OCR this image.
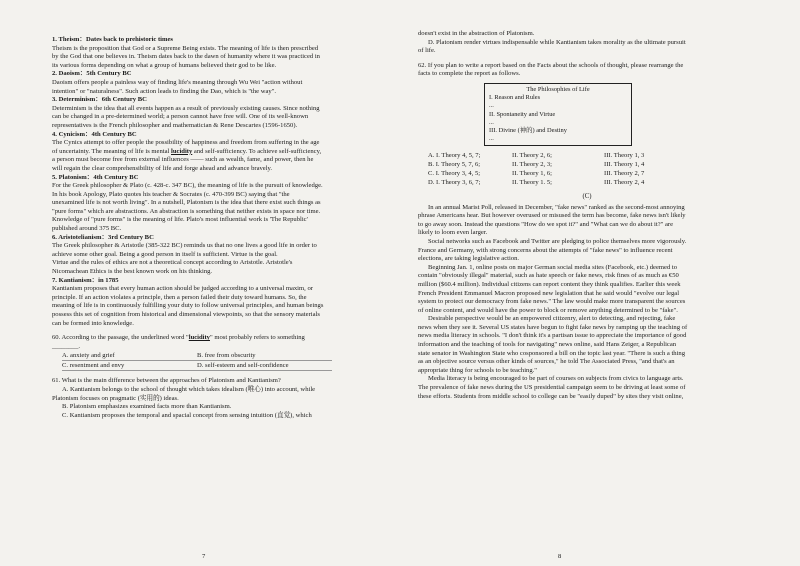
1. Theism：Dates back to prehistoric times

Theism is the proposition that God or a Supreme Being exists. The meaning of life is then prescribed

by the God that one believes in. Theism dates back to the dawn of humanity where it was practiced in

its various forms depending on what a group of humans believed their god to be like.

2. Daoism：5th Century BC

Daoism offers people a painless way of finding life's meaning through Wu Wei "action without

intention" or "naturalness". Such action leads to finding the Dao, which is "the way".

3. Determinism：6th Century BC

Determinism is the idea that all events happen as a result of previously existing causes. Since nothing

can be changed in a pre-determined world; a person cannot have free will. One of its well-known

representatives is the French philosopher and mathematician & Rene Descartes (1596-1650).

4. Cynicism：4th Century BC

The Cynics attempt to offer people the possibility of happiness and freedom from suffering in the age

of uncertainty. The meaning of life is mental lucidity and self-sufficiency. To achieve self-sufficiency,

a person must become free from external influences —— such as wealth, fame, and power, then he

will regain the clear comprehensibility of life and forge ahead and advance bravely.

5. Platonism：4th Century BC

For the Greek philosopher & Plato (c. 428-c. 347 BC), the meaning of life is the pursuit of knowledge.

In his book Apology, Plato quotes his teacher & Socrates (c. 470-399 BC) saying that "the

unexamined life is not worth living". In a nutshell, Platonism is the idea that there exist such things as

"pure forms" which are abstractions. An abstraction is something that neither exists in space nor time.

Knowledge of "pure forms" is the meaning of life. Plato's most influential work is 'The Republic'

published around 375 BC.

6. Aristotelianism：3rd Century BC

The Greek philosopher & Aristotle (385-322 BC) reminds us that no one lives a good life in order to

achieve some other goal. Being a good person in itself is sufficient. Virtue is the goal.

Virtue and the rules of ethics are not a theoretical concept according to Aristotle. Aristotle's

Nicomachean Ethics is the best known work on his thinking.

7. Kantianism：in 1785

Kantianism proposes that every human action should be judged according to a universal maxim, or

principle. If an action violates a principle, then a person failed their duty toward humans. So, the

meaning of life is in continuously fulfilling your duty to follow universal principles, and human beings

possess this set of cognition from historical and dimensional viewpoints, so that the sensory materials

can be formed into knowledge.

60. According to the passage, the underlined word "lucidity" most probably refers to something

________.

A. anxiety and grief	B. free from obscurity
C. resentment and envy	D. self-esteem and self-confidence

61. What is the main difference between the approaches of Platonism and Kantianism?

A. Kantianism belongs to the school of thought which takes idealism (唯心) into account, while

Platonism focuses on pragmatic (实用的) ideas.

B. Platonism emphasizes examined facts more than Kantianism.

C. Kantianism proposes the temporal and spacial concept from sensing intuition (直觉), which

7

doesn't exist in the abstraction of Platonism.

D. Platonism render virtues indispensable while Kantianism takes morality as the ultimate pursuit

of life.

62. If you plan to write a report based on the Facts about the schools of thought, please rearrange the

facts to complete the report as follows.

The Philosophies of Life
I. Reason and Rules
...
II. Spontaneity and Virtue
...
III. Divine (神的) and Destiny
...
A. I. Theory 4, 5, 7;	II. Theory 2, 6;	III. Theory 1, 3
B. I. Theory 5, 7, 6;	II. Theory 2, 3;	III. Theory 1, 4
C. I. Theory 3, 4, 5;	II. Theory 1, 6;	III. Theory 2, 7
D. I. Theory 3, 6, 7;	II. Theory 1. 5;	III. Theory 2, 4
(C)

In an annual Marist Poll, released in December, "fake news" ranked as the second-most annoying

phrase Americans hear. But however overused or misused the term has become, fake news isn't likely

to go away soon. Instead the questions "How do we spot it?" and "What can we do about it?" are

likely to loom even larger.

Social networks such as Facebook and Twitter are pledging to police themselves more vigorously.

France and Germany, with strong concerns about the attempts of "fake news" to influence recent

elections, are taking legislative action.

Beginning Jan. 1, online posts on major German social media sites (Facebook, etc.) deemed to

contain "obviously illegal" material, such as hate speech or fake news, risk fines of as much as €50

million ($60.4 million). Individual citizens can report content they think qualifies. Earlier this week

French President Emmanuel Macron proposed new legislation that he said would "evolve our legal

system to protect our democracy from fake news." The law would make more transparent the sources

of online content, and would have the power to block or remove anything determined to be "fake".

Desirable perspective would be an empowered citizenry, alert to detecting, and rejecting, fake

news when they see it. Several US states have begun to fight fake news by ramping up the teaching of

news media literacy in schools. "I don't think it's a partisan issue to appreciate the importance of good

information and the teaching of tools for navigating" news online, said Hans Zeiger, a Republican

state senator in Washington State who cosponsored a bill on the topic last year. "There is such a thing

as an objective source versus other kinds of sources," he told The Associated Press, "and that's an

appropriate thing for schools to be teaching."

Media literacy is being encouraged to be part of courses on subjects from civics to language arts.

The prevalence of fake news during the US presidential campaign seem to be driving at least some of

these efforts. Students from middle school to college can be "easily duped" by sites they visit online,

8
